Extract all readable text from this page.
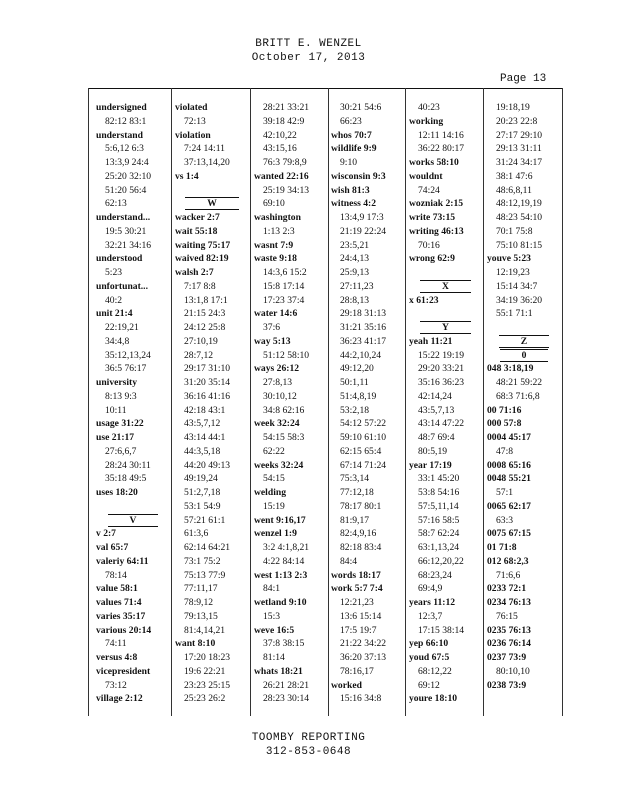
BRITT E. WENZEL
October 17, 2013
Page 13
undersigned
82:12 83:1
understand
5:6,12 6:3
13:3,9 24:4
25:20 32:10
51:20 56:4
62:13
understand...
19:5 30:21
32:21 34:16
understood
5:23
unfortunat...
40:2
unit 21:4
22:19,21
34:4,8
35:12,13,24
36:5 76:17
university
8:13 9:3
10:11
usage 31:22
use 21:17
27:6,6,7
28:24 30:11
35:18 49:5
uses 18:20
V
v 2:7
val 65:7
valeriy 64:11
78:14
value 58:1
values 71:4
varies 35:17
various 20:14
74:11
versus 4:8
vicepresident
73:12
village 2:12
violated
72:13
violation
7:24 14:11
37:13,14,20
vs 1:4
W
wacker 2:7
wait 55:18
waiting 75:17
waived 82:19
walsh 2:7
7:17 8:8
13:1,8 17:1
21:15 24:3
24:12 25:8
27:10,19
28:7,12
29:17 31:10
31:20 35:14
36:16 41:16
42:18 43:1
43:5,7,12
43:14 44:1
44:3,5,18
44:20 49:13
49:19,24
51:2,7,18
53:1 54:9
57:21 61:1
61:3,6
62:14 64:21
73:1 75:2
75:13 77:9
77:11,17
78:9,12
79:13,15
81:4,14,21
want 8:10
17:20 18:23
19:6 22:21
23:23 25:15
25:23 26:2
28:21 33:21
39:18 42:9
42:10,22
43:15,16
76:3 79:8,9
wanted 22:16
25:19 34:13
69:10
washington
1:13 2:3
wasnt 7:9
waste 9:18
14:3,6 15:2
15:8 17:14
17:23 37:4
water 14:6
37:6
way 5:13
51:12 58:10
ways 26:12
27:8,13
30:10,12
34:8 62:16
week 32:24
54:15 58:3
62:22
weeks 32:24
54:15
welding
15:19
went 9:16,17
wenzel 1:9
3:2 4:1,8,21
4:22 84:14
west 1:13 2:3
84:1
wetland 9:10
15:3
weve 16:5
37:8 38:15
81:14
whats 18:21
26:21 28:21
28:23 30:14
30:21 54:6
66:23
whos 70:7
wildlife 9:9
9:10
wisconsin 9:3
wish 81:3
witness 4:2
13:4,9 17:3
21:19 22:24
23:5,21
24:4,13
25:9,13
27:11,23
28:8,13
29:18 31:13
31:21 35:16
36:23 41:17
44:2,10,24
49:12,20
50:1,11
51:4,8,19
53:2,18
54:12 57:22
59:10 61:10
62:15 65:4
67:14 71:24
75:3,14
77:12,18
78:17 80:1
81:9,17
82:4,9,16
82:18 83:4
84:4
words 18:17
work 5:7 7:4
12:21,23
13:6 15:14
17:5 19:7
21:22 34:22
36:20 37:13
78:16,17
worked
15:16 34:8
40:23
working
12:11 14:16
36:22 80:17
works 58:10
wouldnt
74:24
wozniak 2:15
write 73:15
writing 46:13
70:16
wrong 62:9
X
x 61:23
Y
yeah 11:21
15:22 19:19
29:20 33:21
35:16 36:23
42:14,24
43:5,7,13
43:14 47:22
48:7 69:4
80:5,19
year 17:19
33:1 45:20
53:8 54:16
57:5,11,14
57:16 58:5
58:7 62:24
63:1,13,24
66:12,20,22
68:23,24
69:4,9
years 11:12
12:3,7
17:15 38:14
yep 66:10
youd 67:5
68:12,22
69:12
youre 18:10
19:18,19
20:23 22:8
27:17 29:10
29:13 31:11
31:24 34:17
38:1 47:6
48:6,8,11
48:12,19,19
48:23 54:10
70:1 75:8
75:10 81:15
youve 5:23
12:19,23
15:14 34:7
34:19 36:20
55:1 71:1
Z
0
048 3:18,19
48:21 59:22
68:3 71:6,8
00 71:16
000 57:8
0004 45:17
47:8
0008 65:16
0048 55:21
57:1
0065 62:17
63:3
0075 67:15
01 71:8
012 68:2,3
71:6,6
0233 72:1
0234 76:13
76:15
0235 76:13
0236 76:14
0237 73:9
80:10,10
0238 73:9
TOOMBY REPORTING
312-853-0648
